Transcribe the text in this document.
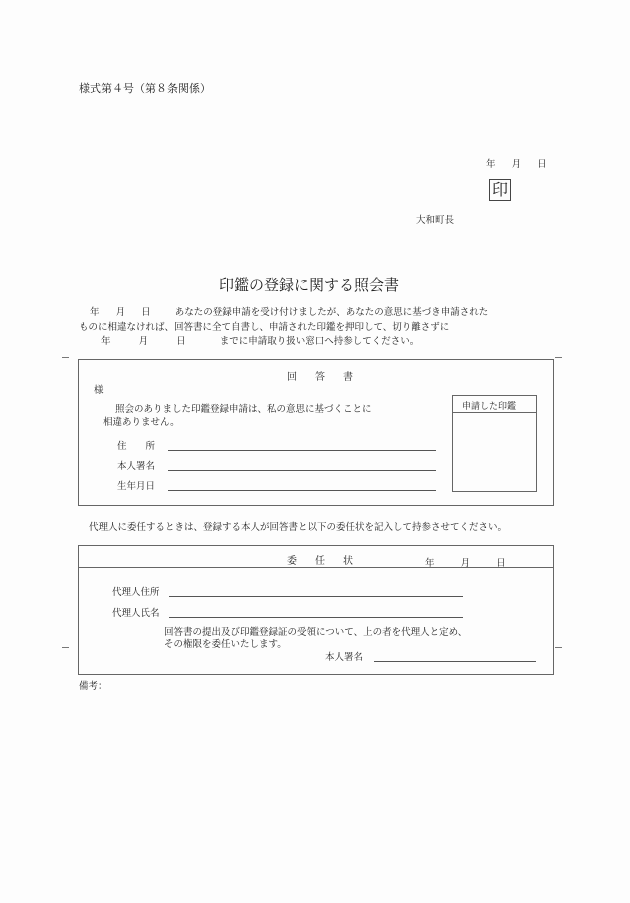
様式第４号（第８条関係）
年 月 日
印
大和町長
印鑑の登録に関する照会書
年 月 日	あなたの登録申請を受け付けましたが、あなたの意思に基づき申請された
ものに相違なければ、回答書に全て自書し、申請された印鑑を押印して、切り離さずに
年	月	日	までに申請取り扱い窓口へ持参してください。
回　答　書
様
照会のありました印鑑登録申請は、私の意思に基づくことに
相違ありません。
住　　所
本人署名
生年月日
申請した印鑑
代理人に委任するときは、登録する本人が回答書と以下の委任状を記入して持参させてください。
委　任　状	年	月	日
代理人住所
代理人氏名
回答書の提出及び印鑑登録証の受領について、上の者を代理人と定め、
その権限を委任いたします。
本人署名
備考：
